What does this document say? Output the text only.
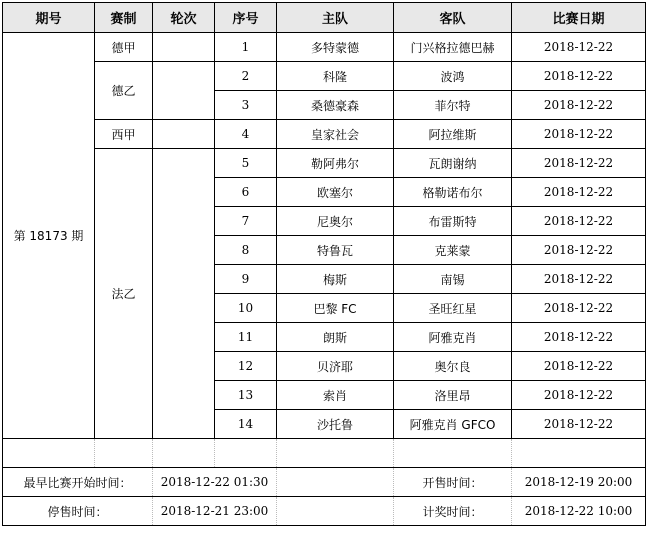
期号	赛制	轮次	序号	主队	客队	比赛日期
第 18173 期	德甲		1	多特蒙德	门兴格拉德巴赫	2018-12-22
	德乙		2	科隆	波鸿	2018-12-22
			3	桑德豪森	菲尔特	2018-12-22
	西甲		4	皇家社会	阿拉维斯	2018-12-22
	法乙		5	勒阿弗尔	瓦朗谢纳	2018-12-22
			6	欧塞尔	格勒诺布尔	2018-12-22
			7	尼奥尔	布雷斯特	2018-12-22
			8	特鲁瓦	克莱蒙	2018-12-22
			9	梅斯	南锡	2018-12-22
			10	巴黎 FC	圣旺红星	2018-12-22
			11	朗斯	阿雅克肖	2018-12-22
			12	贝济耶	奥尔良	2018-12-22
			13	索肖	洛里昂	2018-12-22
			14	沙托鲁	阿雅克肖 GFCO	2018-12-22

最早比赛开始时间：		2018-12-22 01:30			开售时间：	2018-12-19 20:00
停售时间：		2018-12-21 23:00			计奖时间：	2018-12-22 10:00
